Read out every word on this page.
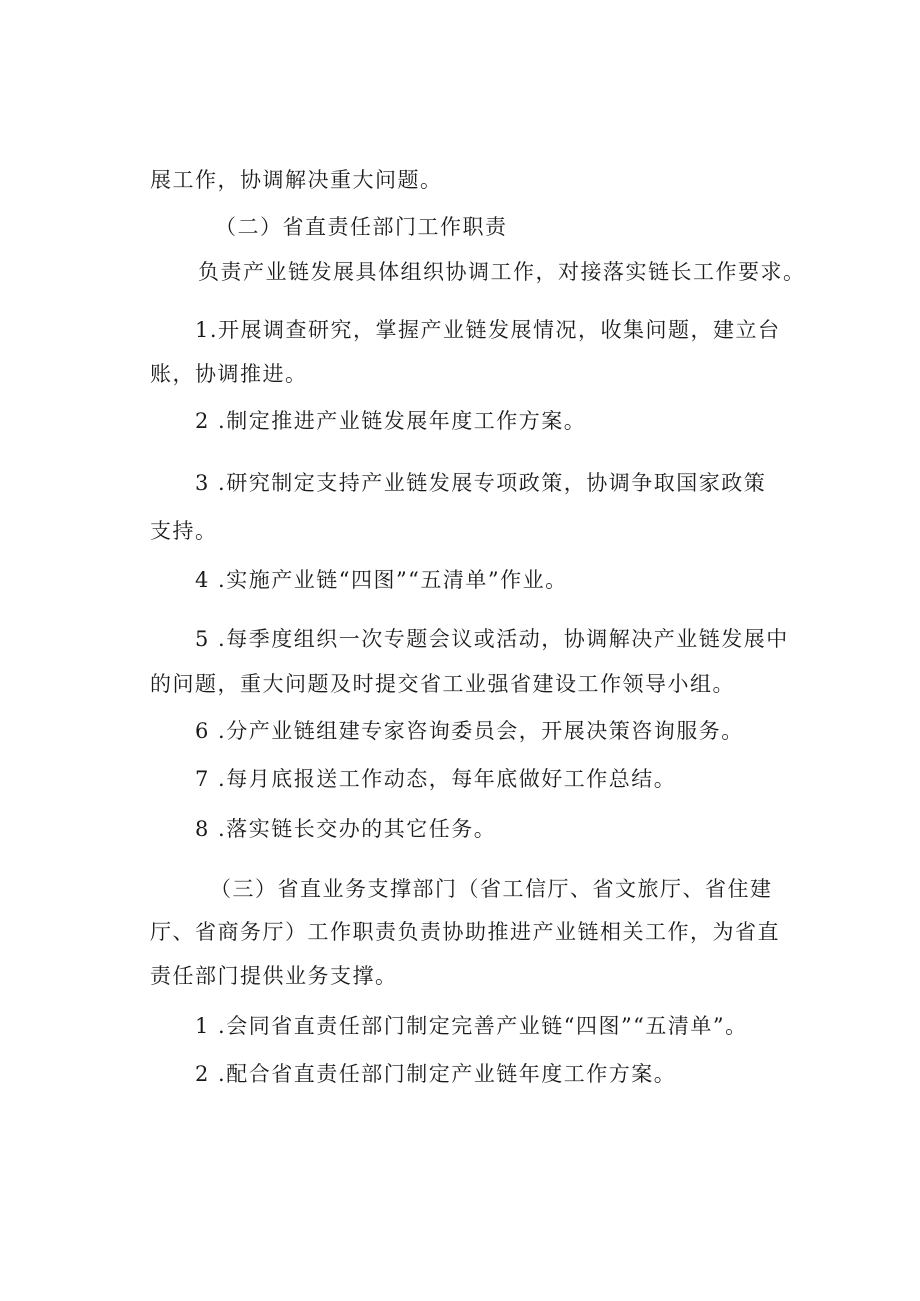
展工作，协调解决重大问题。
（二）省直责任部门工作职责
负责产业链发展具体组织协调工作，对接落实链长工作要求。
1.开展调查研究，掌握产业链发展情况，收集问题，建立台
账，协调推进。
2 .制定推进产业链发展年度工作方案。
3 .研究制定支持产业链发展专项政策，协调争取国家政策
支持。
4 .实施产业链“四图”“五清单”作业。
5 .每季度组织一次专题会议或活动，协调解决产业链发展中
的问题，重大问题及时提交省工业强省建设工作领导小组。
6 .分产业链组建专家咨询委员会，开展决策咨询服务。
7 .每月底报送工作动态，每年底做好工作总结。
8 .落实链长交办的其它任务。
（三）省直业务支撑部门（省工信厅、省文旅厅、省住建
厅、省商务厅）工作职责负责协助推进产业链相关工作，为省直
责任部门提供业务支撑。
1 .会同省直责任部门制定完善产业链“四图”“五清单”。
2 .配合省直责任部门制定产业链年度工作方案。
